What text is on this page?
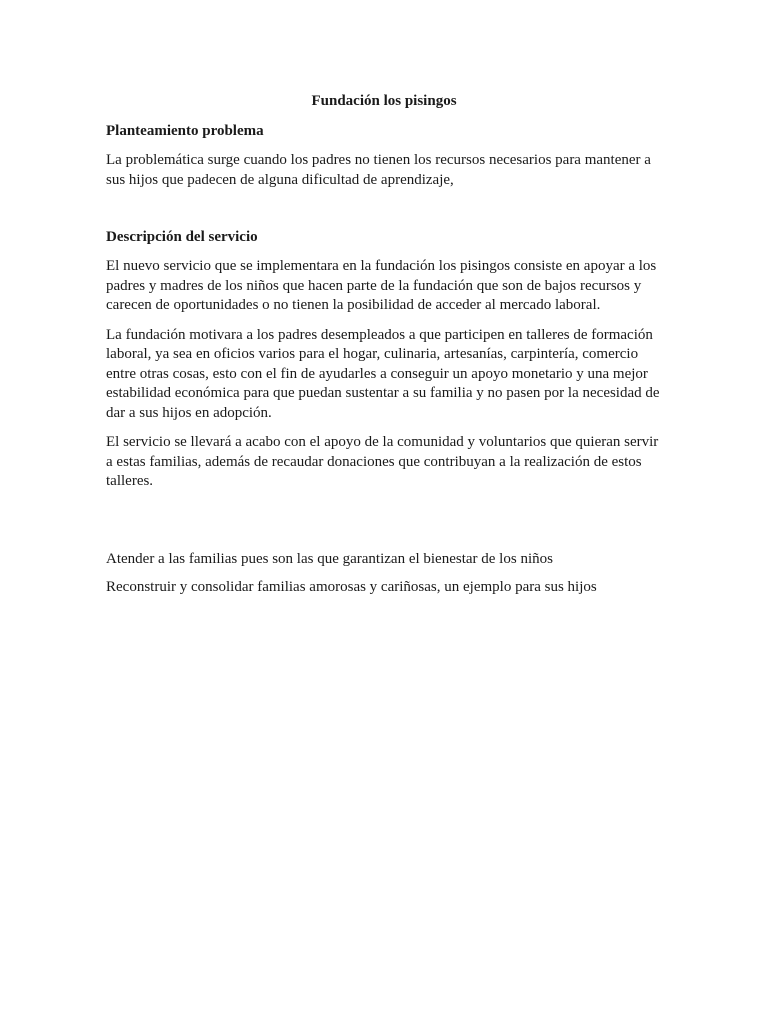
Fundación los pisingos

Planteamiento problema

La problemática surge cuando los padres no tienen los recursos necesarios para mantener a sus hijos que padecen de alguna dificultad de aprendizaje,

Descripción del servicio

El nuevo servicio que se implementara en la fundación los pisingos consiste en apoyar a los padres y madres de los niños que hacen parte de la fundación que son de bajos recursos y carecen de oportunidades o no tienen la posibilidad de acceder al mercado laboral.

La fundación motivara a los padres desempleados a que participen en talleres de formación laboral, ya sea en oficios varios para el hogar, culinaria, artesanías, carpintería, comercio entre otras cosas, esto con el fin de ayudarles a conseguir un apoyo monetario y una mejor estabilidad económica para que puedan sustentar a su familia y no pasen por la necesidad de dar a sus hijos en adopción.

El servicio se llevará a acabo con el apoyo de la comunidad y voluntarios que quieran servir a estas familias, además de recaudar donaciones que contribuyan a la realización de estos talleres.

Atender a las familias pues son las que garantizan el bienestar de los niños

Reconstruir y consolidar familias amorosas y cariñosas, un ejemplo para sus hijos
